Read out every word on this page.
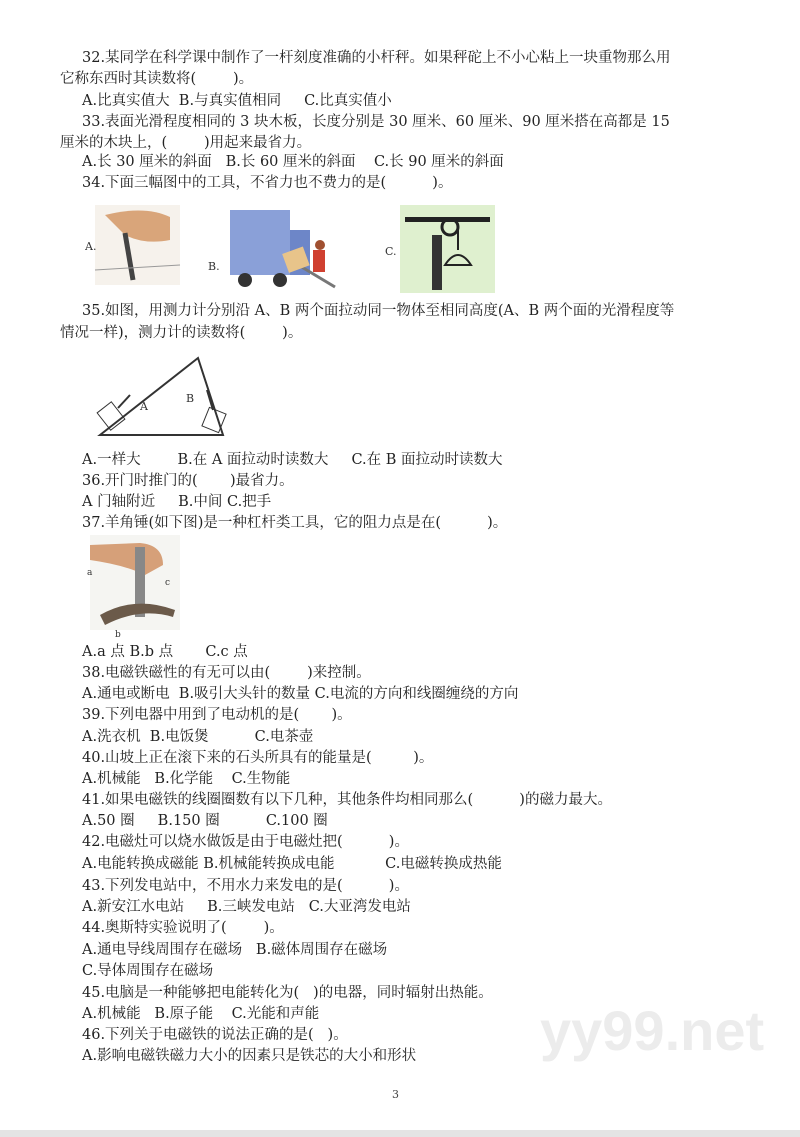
32.某同学在科学课中制作了一杆刻度准确的小杆秤。如果秤砣上不小心粘上一块重物那么用
它称东西时其读数将(        )。
A.比真实值大  B.与真实值相同     C.比真实值小
33.表面光滑程度相同的 3 块木板，长度分别是 30 厘米、60 厘米、90 厘米搭在高都是 15
厘米的木块上，(        )用起来最省力。
A.长 30 厘米的斜面   B.长 60 厘米的斜面    C.长 90 厘米的斜面
34.下面三幅图中的工具，不省力也不费力的是(          )。
A.
B.
C.
35.如图，用测力计分别沿 A、B 两个面拉动同一物体至相同高度(A、B 两个面的光滑程度等
情况一样)，测力计的读数将(        )。
A
B
A.一样大        B.在 A 面拉动时读数大     C.在 B 面拉动时读数大
36.开门时推门的(       )最省力。
A 门轴附近     B.中间 C.把手
37.羊角锤(如下图)是一种杠杆类工具，它的阻力点是在(          )。
c
b
a
A.a 点 B.b 点       C.c 点
38.电磁铁磁性的有无可以由(        )来控制。
A.通电或断电  B.吸引大头针的数量 C.电流的方向和线圈缠绕的方向
39.下列电器中用到了电动机的是(       )。
A.洗衣机  B.电饭煲          C.电茶壶
40.山坡上正在滚下来的石头所具有的能量是(         )。
A.机械能   B.化学能    C.生物能
41.如果电磁铁的线圈圈数有以下几种，其他条件均相同那么(          )的磁力最大。
A.50 圈     B.150 圈          C.100 圈
42.电磁灶可以烧水做饭是由于电磁灶把(          )。
A.电能转换成磁能 B.机械能转换成电能           C.电磁转换成热能
43.下列发电站中，不用水力来发电的是(          )。
A.新安江水电站     B.三峡发电站   C.大亚湾发电站
44.奥斯特实验说明了(        )。
A.通电导线周围存在磁场   B.磁体周围存在磁场
C.导体周围存在磁场
45.电脑是一种能够把电能转化为(   )的电器，同时辐射出热能。
yy99.net
A.机械能   B.原子能    C.光能和声能
46.下列关于电磁铁的说法正确的是(   )。
A.影响电磁铁磁力大小的因素只是铁芯的大小和形状
3
